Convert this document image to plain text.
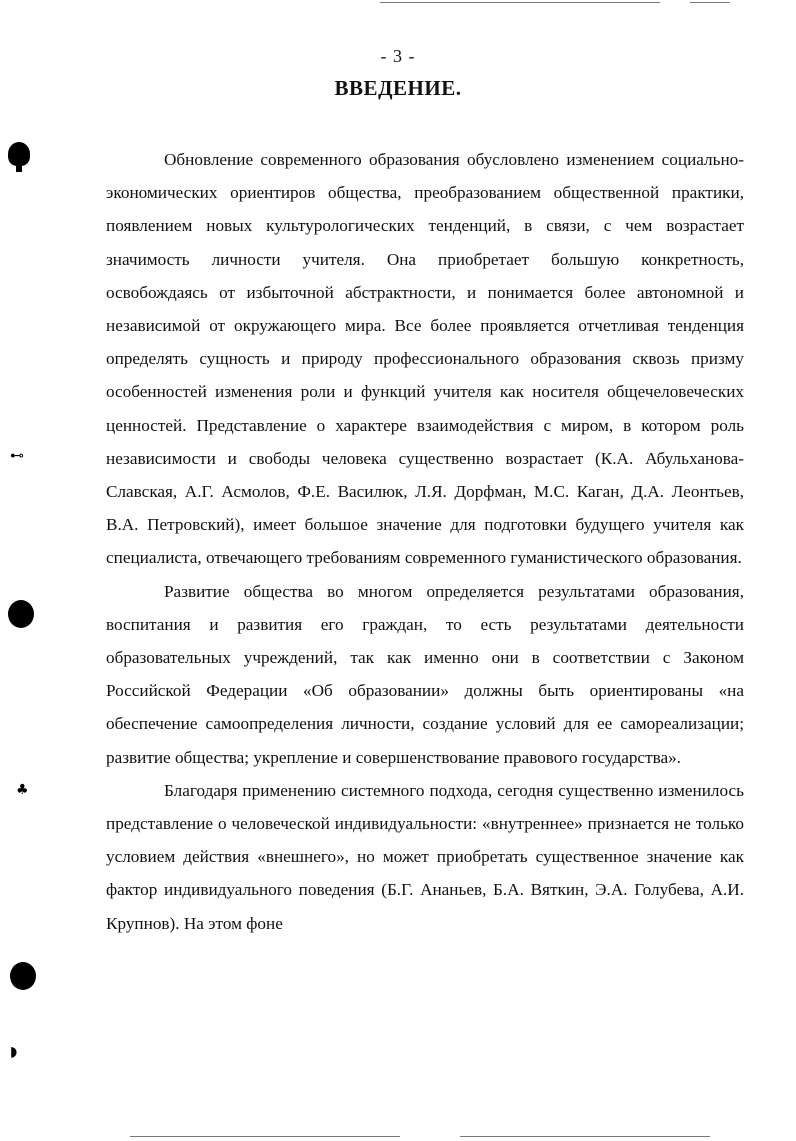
⊷
♣
◗
- 3 -
ВВЕДЕНИЕ.

Обновление современного образования обусловлено изменением социально-экономических ориентиров общества, преобразованием общественной практики, появлением новых культурологических тенденций, в связи, с чем возрастает значимость личности учителя. Она приобретает большую конкретность, освобождаясь от избыточной абстрактности, и понимается более автономной и независимой от окружающего мира. Все более проявляется отчетливая тенденция определять сущность и природу профессионального образования сквозь призму особенностей изменения роли и функций учителя как носителя общечеловеческих ценностей. Представление о характере взаимодействия с миром, в котором роль независимости и свободы человека существенно возрастает (К.А. Абульханова-Славская, А.Г. Асмолов, Ф.Е. Василюк, Л.Я. Дорфман, М.С. Каган, Д.А. Леонтьев, В.А. Петровский), имеет большое значение для подготовки будущего учителя как специалиста, отвечающего требованиям современного гуманистического образования.

Развитие общества во многом определяется результатами образования, воспитания и развития его граждан, то есть результатами деятельности образовательных учреждений, так как именно они в соответствии с Законом Российской Федерации «Об образовании» должны быть ориентированы «на обеспечение самоопределения личности, создание условий для ее самореализации; развитие общества; укрепление и совершенствование правового государства».

Благодаря применению системного подхода, сегодня существенно изменилось представление о человеческой индивидуальности: «внутреннее» признается не только условием действия «внешнего», но может приобретать существенное значение как фактор индивидуального поведения (Б.Г. Ананьев, Б.А. Вяткин, Э.А. Голубева, А.И. Крупнов). На этом фоне
